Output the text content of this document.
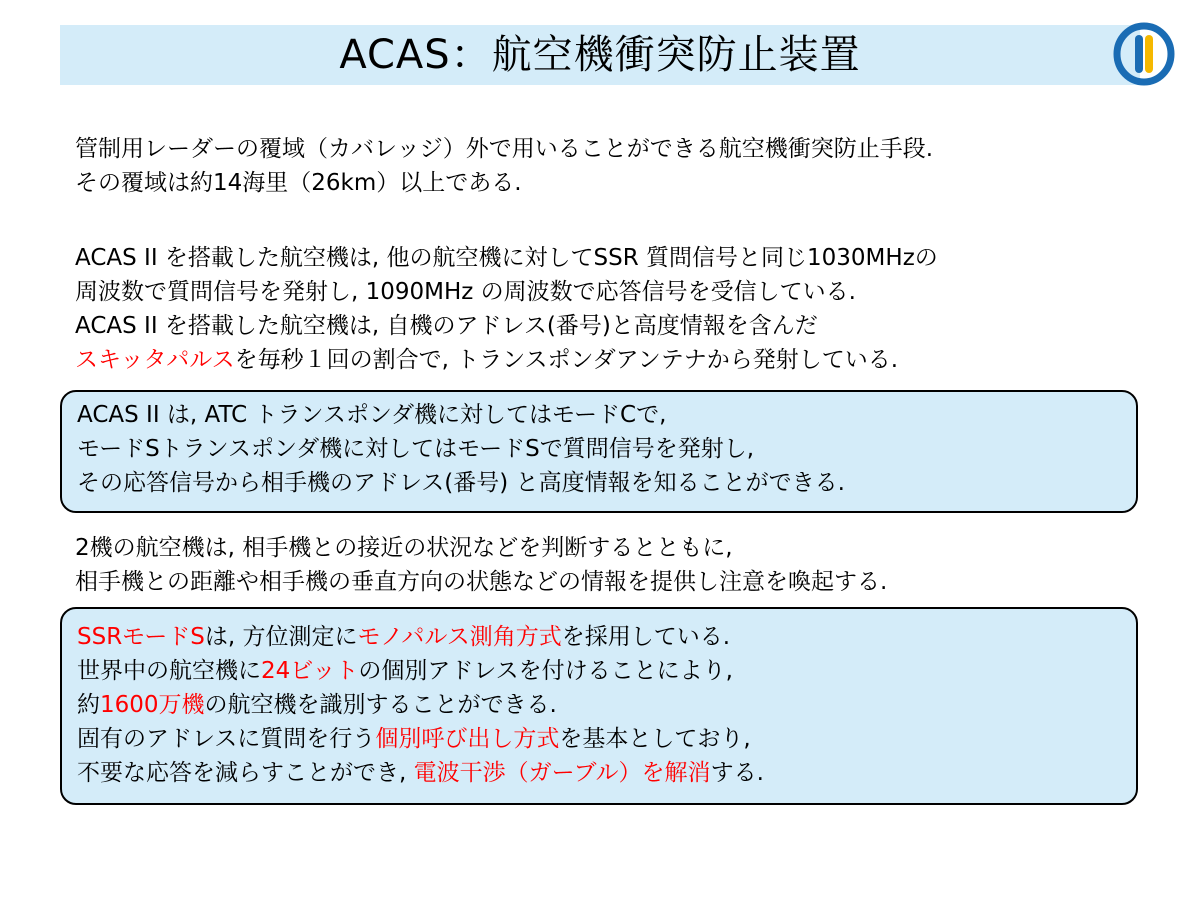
ACAS：航空機衝突防止装置
管制用レーダーの覆域（カバレッジ）外で用いることができる航空機衝突防止手段.
その覆域は約14海里（26km）以上である.
ACAS II を搭載した航空機は, 他の航空機に対してSSR 質問信号と同じ1030MHzの
周波数で質問信号を発射し, 1090MHz の周波数で応答信号を受信している.
ACAS II を搭載した航空機は, 自機のアドレス(番号)と高度情報を含んだ
スキッタパルスを毎秒１回の割合で, トランスポンダアンテナから発射している.
ACAS II は, ATC トランスポンダ機に対してはモードCで,
モードSトランスポンダ機に対してはモードSで質問信号を発射し,
その応答信号から相手機のアドレス(番号) と高度情報を知ることができる.
2機の航空機は, 相手機との接近の状況などを判断するとともに,
相手機との距離や相手機の垂直方向の状態などの情報を提供し注意を喚起する.
SSRモードSは, 方位測定にモノパルス測角方式を採用している.
世界中の航空機に24ビットの個別アドレスを付けることにより,
約1600万機の航空機を識別することができる.
固有のアドレスに質問を行う個別呼び出し方式を基本としており,
不要な応答を減らすことができ, 電波干渉（ガーブル）を解消する.
